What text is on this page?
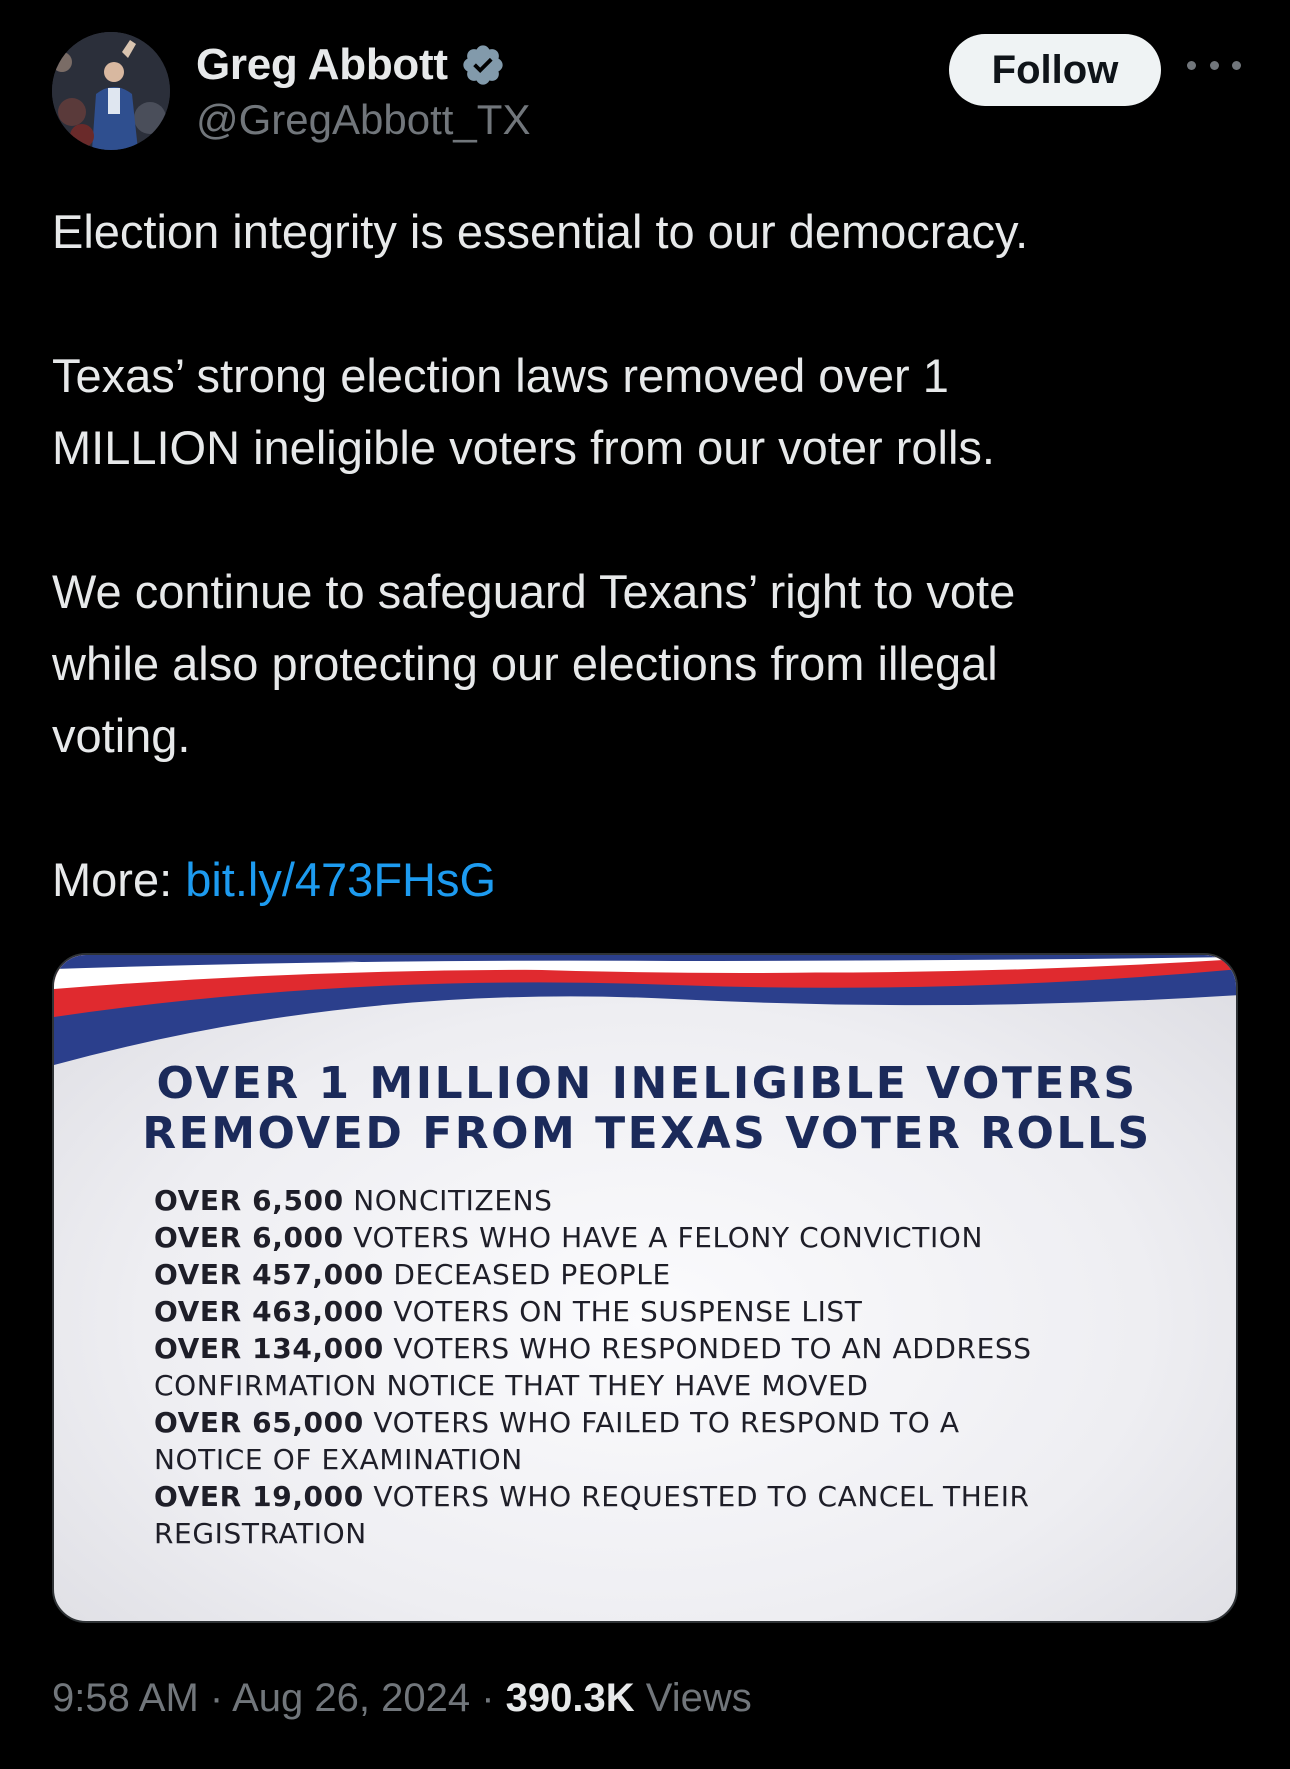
Greg Abbott
@GregAbbott_TX
Follow
Election integrity is essential to our democracy.
Texas’ strong election laws removed over 1
MILLION ineligible voters from our voter rolls.
We continue to safeguard Texans’ right to vote
while also protecting our elections from illegal
voting.
More: bit.ly/473FHsG
OVER 1 MILLION INELIGIBLE VOTERS
REMOVED FROM TEXAS VOTER ROLLS
OVER 6,500 NONCITIZENS
OVER 6,000 VOTERS WHO HAVE A FELONY CONVICTION
OVER 457,000 DECEASED PEOPLE
OVER 463,000 VOTERS ON THE SUSPENSE LIST
OVER 134,000 VOTERS WHO RESPONDED TO AN ADDRESS
CONFIRMATION NOTICE THAT THEY HAVE MOVED
OVER 65,000 VOTERS WHO FAILED TO RESPOND TO A
NOTICE OF EXAMINATION
OVER 19,000 VOTERS WHO REQUESTED TO CANCEL THEIR
REGISTRATION
9:58 AM · Aug 26, 2024 · 390.3K Views
